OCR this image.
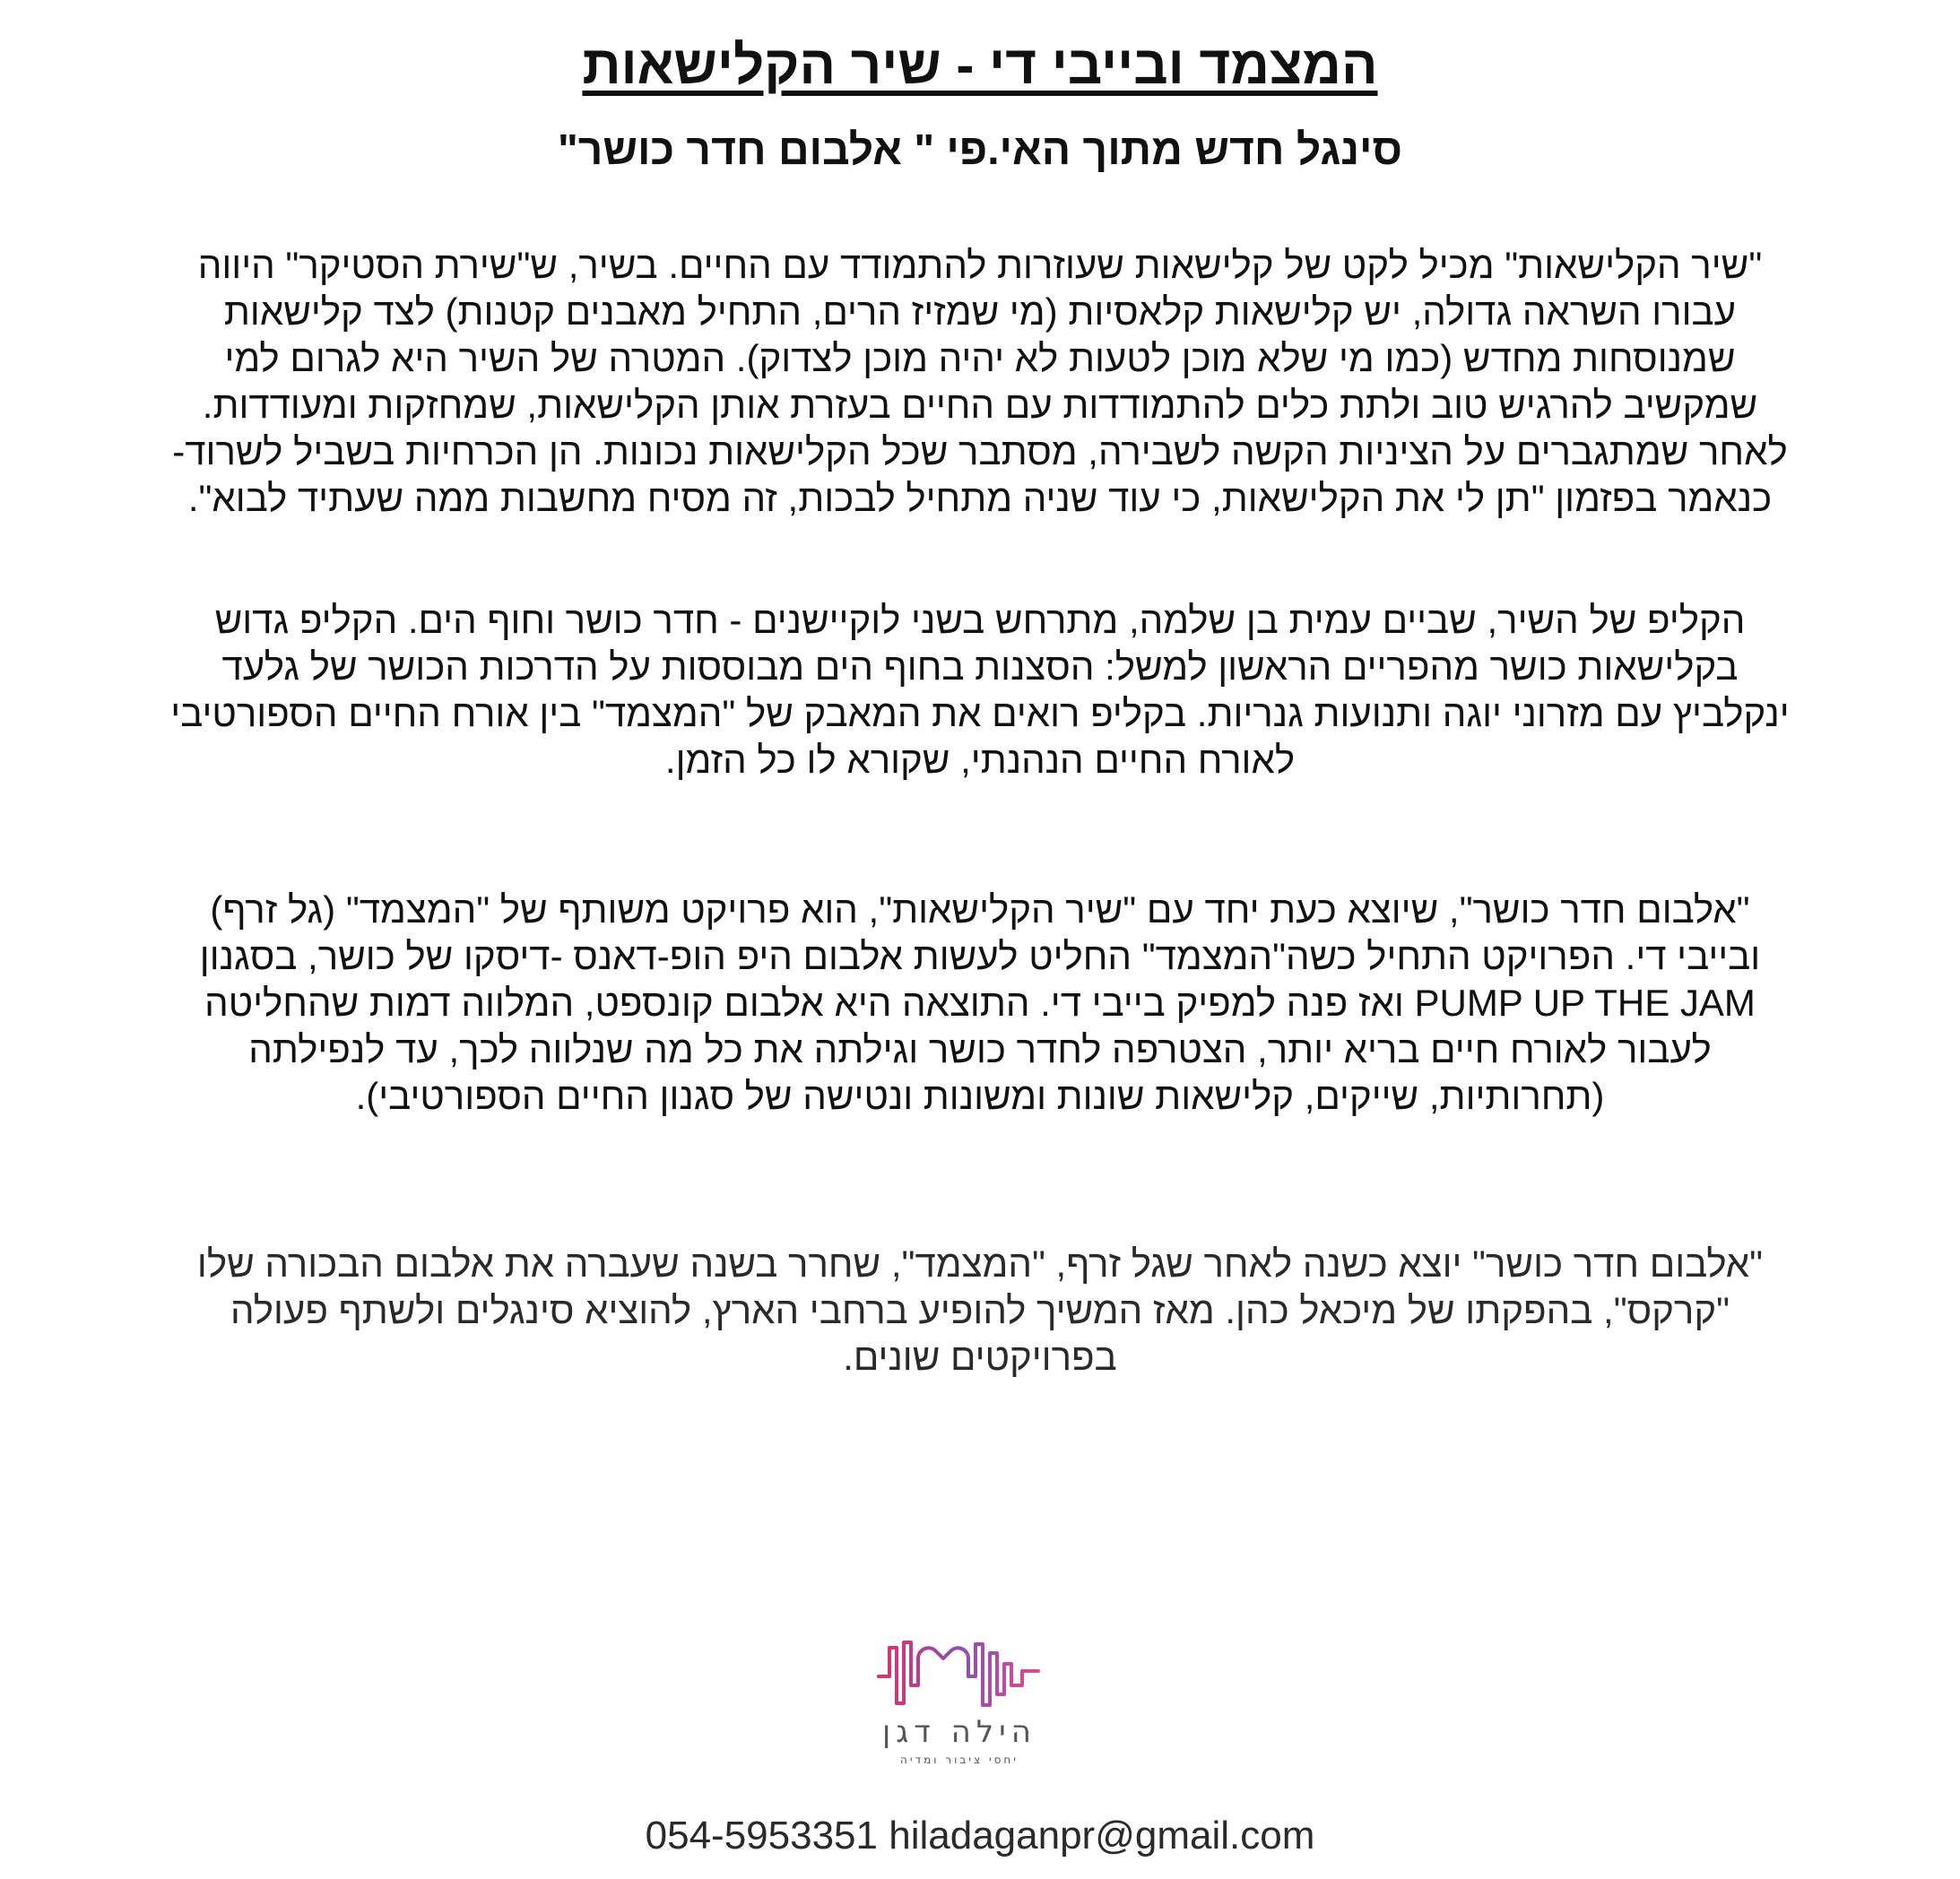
המצמד ובייבי די - שיר הקלישאות
סינגל חדש מתוך האי.פי " אלבום חדר כושר"

"שיר הקלישאות" מכיל לקט של קלישאות שעוזרות להתמודד עם החיים. בשיר, ש"שירת הסטיקר" היווה
עבורו השראה גדולה, יש קלישאות קלאסיות (מי שמזיז הרים, התחיל מאבנים קטנות) לצד קלישאות
שמנוסחות מחדש (כמו מי שלא מוכן לטעות לא יהיה מוכן לצדוק). המטרה של השיר היא לגרום למי
שמקשיב להרגיש טוב ולתת כלים להתמודדות עם החיים בעזרת אותן הקלישאות, שמחזקות ומעודדות.
לאחר שמתגברים על הציניות הקשה לשבירה, מסתבר שכל הקלישאות נכונות. הן הכרחיות בשביל לשרוד-
כנאמר בפזמון "תן לי את הקלישאות, כי עוד שניה מתחיל לבכות, זה מסיח מחשבות ממה שעתיד לבוא".

הקליפ של השיר, שביים עמית בן שלמה, מתרחש בשני לוקיישנים - חדר כושר וחוף הים. הקליפ גדוש
בקלישאות כושר מהפריים הראשון למשל: הסצנות בחוף הים מבוססות על הדרכות הכושר של גלעד
ינקלביץ עם מזרוני יוגה ותנועות גנריות. בקליפ רואים את המאבק של "המצמד" בין אורח החיים הספורטיבי
לאורח החיים הנהנתי, שקורא לו כל הזמן.

"אלבום חדר כושר", שיוצא כעת יחד עם "שיר הקלישאות", הוא פרויקט משותף של "המצמד" (גל זרף)
ובייבי די. הפרויקט התחיל כשה"המצמד" החליט לעשות אלבום היפ הופ-דאנס -דיסקו של כושר, בסגנון
PUMP UP THE JAM ואז פנה למפיק בייבי די. התוצאה היא אלבום קונספט, המלווה דמות שהחליטה
לעבור לאורח חיים בריא יותר, הצטרפה לחדר כושר וגילתה את כל מה שנלווה לכך, עד לנפילתה
(תחרותיות, שייקים, קלישאות שונות ומשונות ונטישה של סגנון החיים הספורטיבי).

"אלבום חדר כושר" יוצא כשנה לאחר שגל זרף, "המצמד", שחרר בשנה שעברה את אלבום הבכורה שלו
"קרקס", בהפקתו של מיכאל כהן. מאז המשיך להופיע ברחבי הארץ, להוציא סינגלים ולשתף פעולה
בפרויקטים שונים.

הילה דגן
יחסי ציבור ומדיה
054-5953351 hiladaganpr@gmail.com
